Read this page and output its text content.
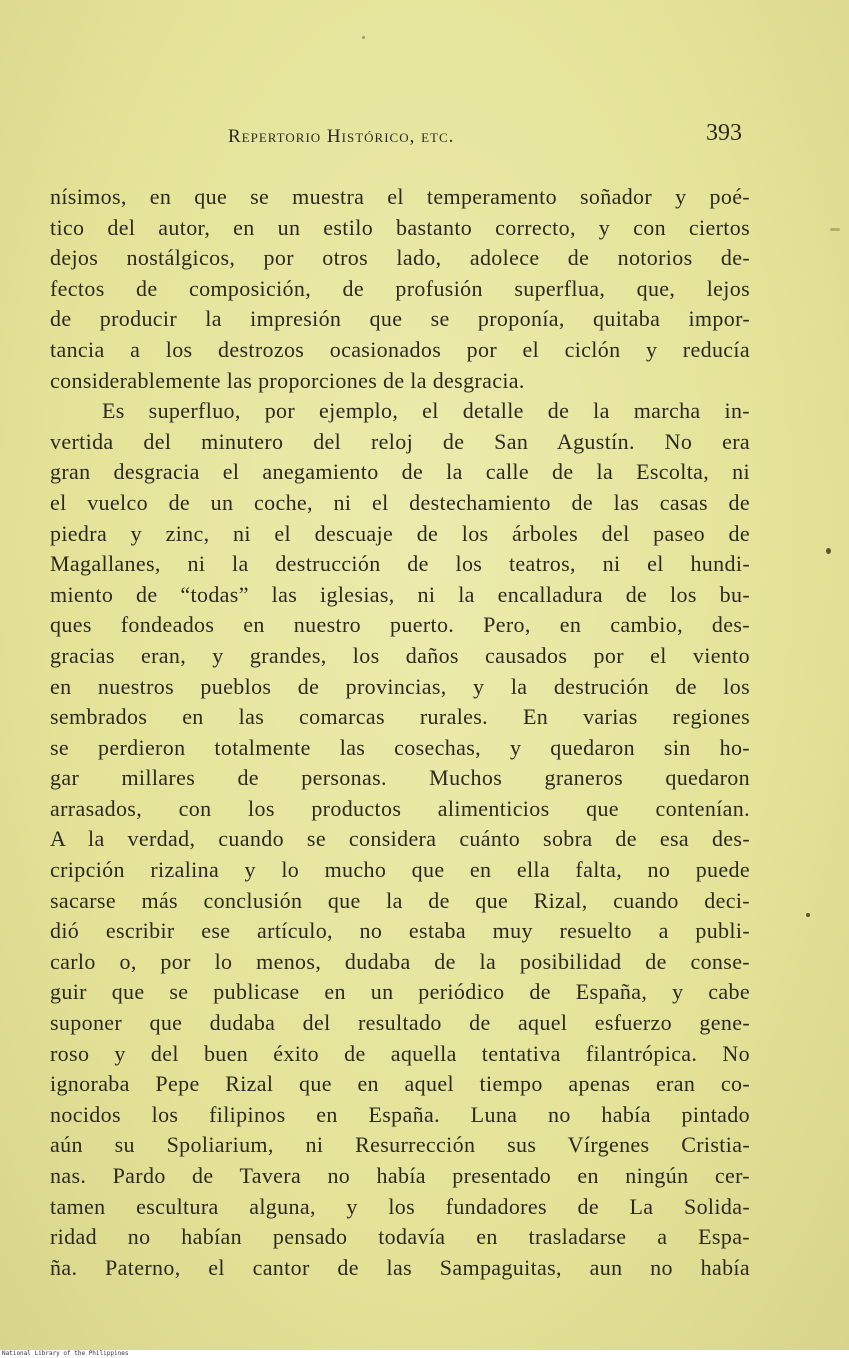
Repertorio Histórico, etc.	393
nísimos, en que se muestra el temperamento soñador y poé-
tico del autor, en un estilo bastanto correcto, y con ciertos
dejos nostálgicos, por otros lado, adolece de notorios de-
fectos de composición, de profusión superflua, que, lejos
de producir la impresión que se proponía, quitaba impor-
tancia a los destrozos ocasionados por el ciclón y reducía
considerablemente las proporciones de la desgracia.
Es superfluo, por ejemplo, el detalle de la marcha in-
vertida del minutero del reloj de San Agustín. No era
gran desgracia el anegamiento de la calle de la Escolta, ni
el vuelco de un coche, ni el destechamiento de las casas de
piedra y zinc, ni el descuaje de los árboles del paseo de
Magallanes, ni la destrucción de los teatros, ni el hundi-
miento de “todas” las iglesias, ni la encalladura de los bu-
ques fondeados en nuestro puerto. Pero, en cambio, des-
gracias eran, y grandes, los daños causados por el viento
en nuestros pueblos de provincias, y la destrución de los
sembrados en las comarcas rurales. En varias regiones
se perdieron totalmente las cosechas, y quedaron sin ho-
gar millares de personas. Muchos graneros quedaron
arrasados, con los productos alimenticios que contenían.
A la verdad, cuando se considera cuánto sobra de esa des-
cripción rizalina y lo mucho que en ella falta, no puede
sacarse más conclusión que la de que Rizal, cuando deci-
dió escribir ese artículo, no estaba muy resuelto a publi-
carlo o, por lo menos, dudaba de la posibilidad de conse-
guir que se publicase en un periódico de España, y cabe
suponer que dudaba del resultado de aquel esfuerzo gene-
roso y del buen éxito de aquella tentativa filantrópica. No
ignoraba Pepe Rizal que en aquel tiempo apenas eran co-
nocidos los filipinos en España. Luna no había pintado
aún su Spoliarium, ni Resurrección sus Vírgenes Cristia-
nas. Pardo de Tavera no había presentado en ningún cer-
tamen escultura alguna, y los fundadores de La Solida-
ridad no habían pensado todavía en trasladarse a Espa-
ña. Paterno, el cantor de las Sampaguitas, aun no había
National Library of the Philippines
